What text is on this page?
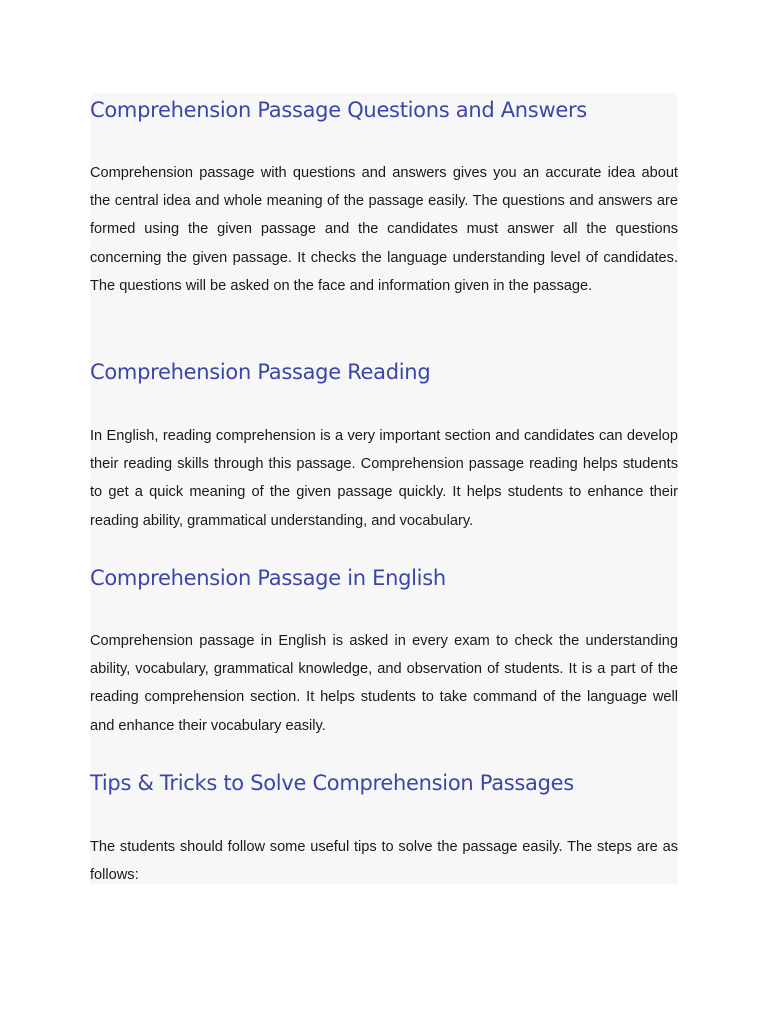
Comprehension Passage Questions and Answers

Comprehension passage with questions and answers gives you an accurate idea about the central idea and whole meaning of the passage easily. The questions and answers are formed using the given passage and the candidates must answer all the questions concerning the given passage. It checks the language understanding level of candidates. The questions will be asked on the face and information given in the passage.

Comprehension Passage Reading

In English, reading comprehension is a very important section and candidates can develop their reading skills through this passage. Comprehension passage reading helps students to get a quick meaning of the given passage quickly. It helps students to enhance their reading ability, grammatical understanding, and vocabulary.

Comprehension Passage in English

Comprehension passage in English is asked in every exam to check the understanding ability, vocabulary, grammatical knowledge, and observation of students. It is a part of the reading comprehension section. It helps students to take command of the language well and enhance their vocabulary easily.

Tips & Tricks to Solve Comprehension Passages

The students should follow some useful tips to solve the passage easily. The steps are as follows:
